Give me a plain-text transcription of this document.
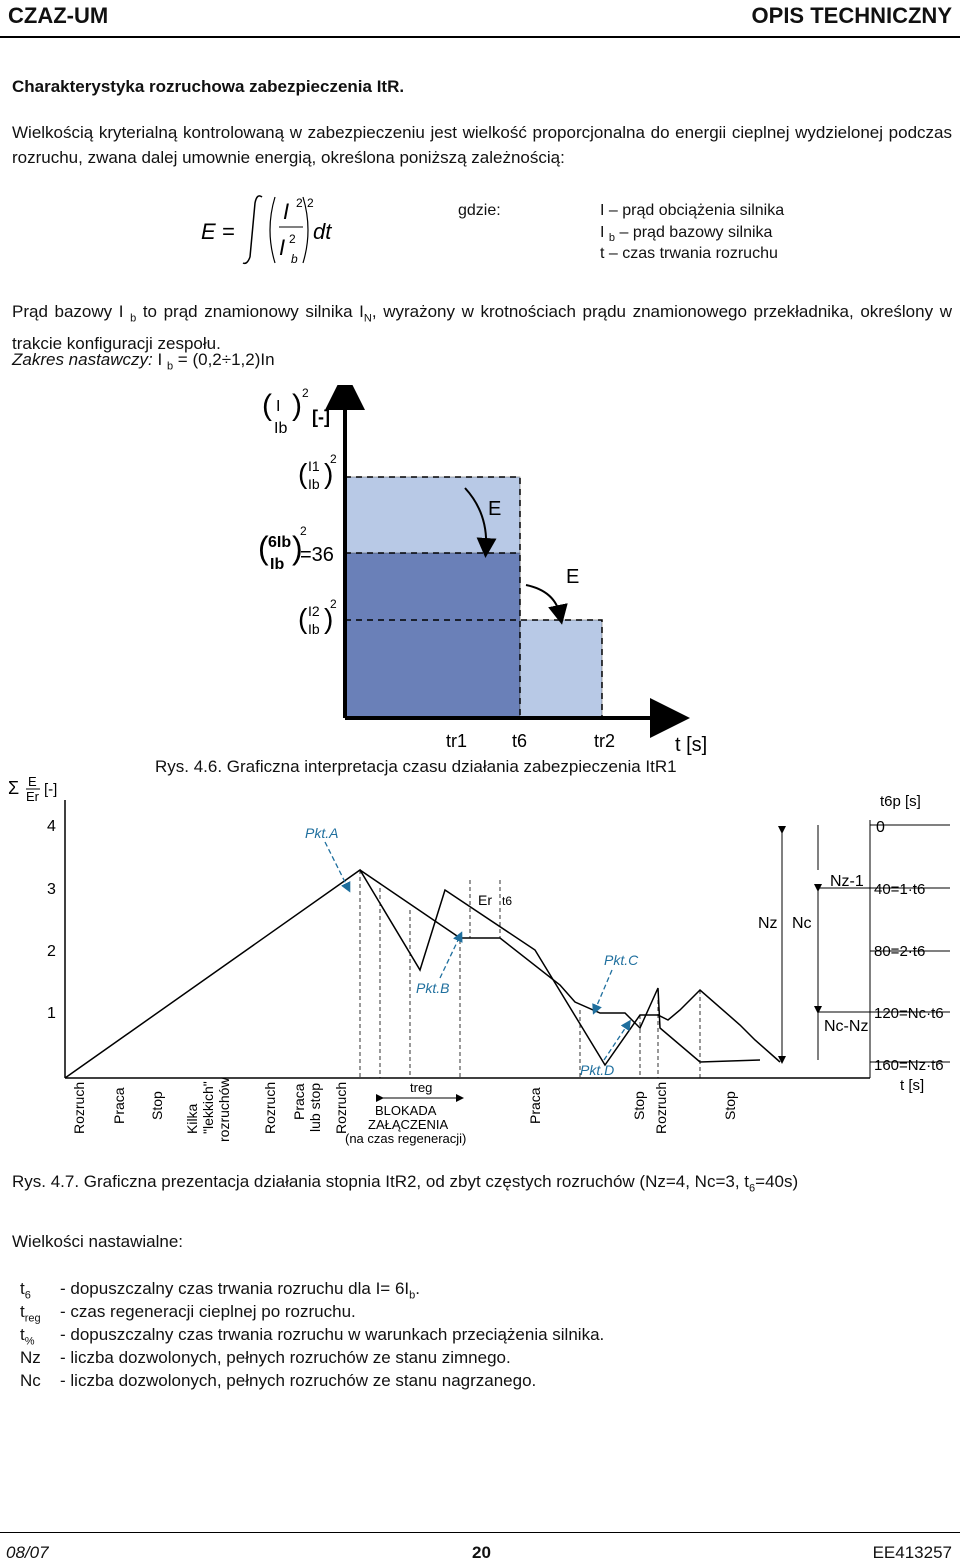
CZAZ-UM	OPIS TECHNICZNY
Charakterystyka rozruchowa zabezpieczenia ItR.
Wielkością kryterialną kontrolowaną w zabezpieczeniu jest wielkość proporcjonalna do energii cieplnej wydzielonej podczas rozruchu, zwana dalej umownie energią, określona poniższą zależnością:
E =
I 2
I 2
b
2
dt
gdzie:	I – prąd obciążenia silnika
I $_b$ – prąd bazowy silnika
t – czas trwania rozruchu
Prąd bazowy I $_b$ to prąd znamionowy silnika $I_N$, wyrażony w krotnościach prądu znamionowego przekładnika, określony w trakcie konfiguracji zespołu.
Zakres nastawczy: I $_b$ = (0,2÷1,2)In
( I
Ib
) 2
[-]
( I1
Ib )
2
( 6Ib
Ib )
2
=36
( I2
Ib )
2
E
E
tr1 t6	tr2	t [s]
Rys. 4.6. Graficzna interpretacja czasu działania zabezpieczenia ItR1
Σ E
Er [-]
4
3
2
1
t6p [s]
0
40=1·t6
80=2·t6
120=Nc·t6
160=Nz·t6
t [s]
Nz Nc
Nz-1
Nc-Nz
Er t6
treg
Pkt.A
Pkt.B
Pkt.C
Pkt.D
Rozruch Praca Stop Kilka "lekkich" rozruchów Rozruch Praca lub stop Rozruch	Praca	Stop Rozruch	Stop
BLOKADA
ZAŁĄCZENIA
(na czas regeneracji)
Rys. 4.7. Graficzna prezentacja działania stopnia ItR2, od zbyt częstych rozruchów (Nz=4, Nc=3, $t_6=40s$)
Wielkości nastawialne:
$t_6$ - dopuszczalny czas trwania rozruchu dla $I= 6I_b$.
$t_{reg}$ - czas regeneracji cieplnej po rozruchu.
$t_{\%}$ - dopuszczalny czas trwania rozruchu w warunkach przeciążenia silnika.
Nz - liczba dozwolonych, pełnych rozruchów ze stanu zimnego.
Nc - liczba dozwolonych, pełnych rozruchów ze stanu nagrzanego.
08/07	20	EE413257
